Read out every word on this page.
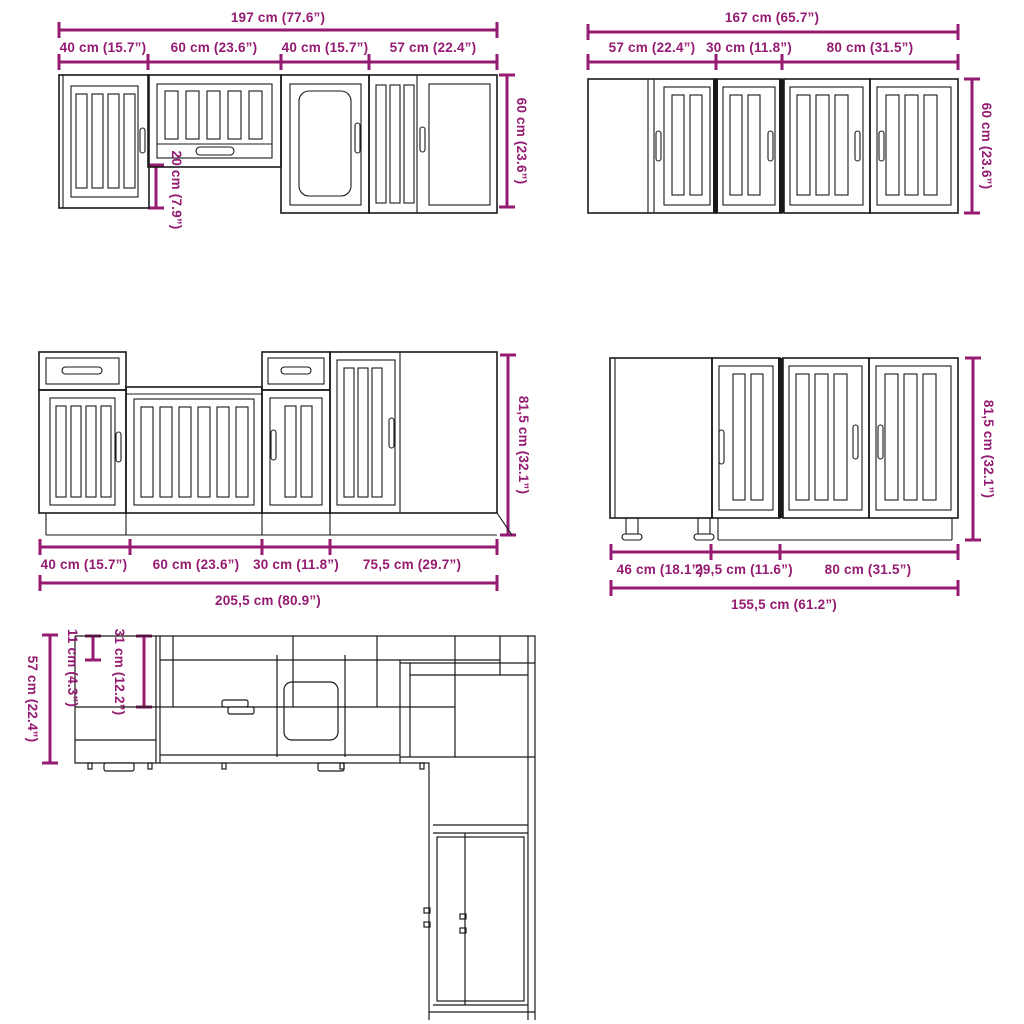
197 cm (77.6”)
40 cm (15.7”) 60 cm (23.6”) 40 cm (15.7”) 57 cm (22.4”)
60 cm (23.6”)
20 cm (7.9”)
167 cm (65.7”)
57 cm (22.4”) 30 cm (11.8”)	80 cm (31.5”)
60 cm (23.6”)
40 cm (15.7”) 60 cm (23.6”) 30 cm (11.8”) 75,5 cm (29.7”)
205,5 cm (80.9”)
81,5 cm (32.1”)
46 cm (18.1”)
29,5 cm (11.6”) 80 cm (31.5”)
155,5 cm (61.2”)
81,5 cm (32.1”)
57 cm (22.4”) 11 cm (4.3”) 31 cm (12.2”)
